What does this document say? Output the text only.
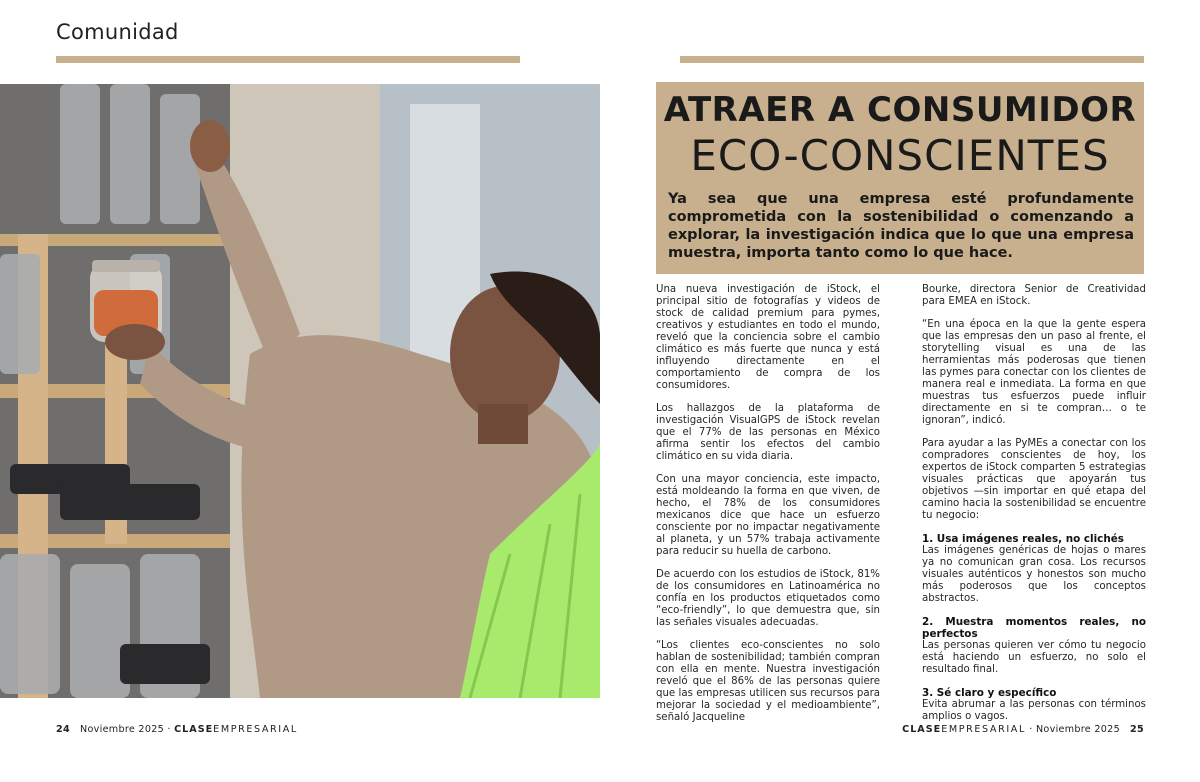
Comunidad
ATRAER A CONSUMIDOR
ECO-CONSCIENTES
Ya sea que una empresa esté profundamente comprometida con la sostenibilidad o comenzando a explorar, la investigación indica que lo que una empresa muestra, importa tanto como lo que hace.

Una nueva investigación de iStock, el principal sitio de fotografías y videos de stock de calidad premium para pymes, creativos y estudiantes en todo el mundo, reveló que la conciencia sobre el cambio climático es más fuerte que nunca y está influyendo directamente en el comportamiento de compra de los consumidores.

Los hallazgos de la plataforma de investigación VisualGPS de iStock revelan que el 77% de las personas en México afirma sentir los efectos del cambio climático en su vida diaria.

Con una mayor conciencia, este impacto, está moldeando la forma en que viven, de hecho, el 78% de los consumidores mexicanos dice que hace un esfuerzo consciente por no impactar negativamente al planeta, y un 57% trabaja activamente para reducir su huella de carbono.

De acuerdo con los estudios de iStock, 81% de los consumidores en Latinoamérica no confía en los productos etiquetados como “eco-friendly”, lo que demuestra que, sin las señales visuales adecuadas.

“Los clientes eco-conscientes no solo hablan de sostenibilidad; también compran con ella en mente. Nuestra investigación reveló que el 86% de las personas quiere que las empresas utilicen sus recursos para mejorar la sociedad y el medioambiente”, señaló Jacqueline

Bourke, directora Senior de Creatividad para EMEA en iStock.

“En una época en la que la gente espera que las empresas den un paso al frente, el storytelling visual es una de las herramientas más poderosas que tienen las pymes para conectar con los clientes de manera real e inmediata. La forma en que muestras tus esfuerzos puede influir directamente en si te compran… o te ignoran”, indicó.

Para ayudar a las PyMEs a conectar con los compradores conscientes de hoy, los expertos de iStock comparten 5 estrategias visuales prácticas que apoyarán tus objetivos —sin importar en qué etapa del camino hacia la sostenibilidad se encuentre tu negocio:

1. Usa imágenes reales, no clichés

Las imágenes genéricas de hojas o mares ya no comunican gran cosa. Los recursos visuales auténticos y honestos son mucho más poderosos que los conceptos abstractos.

2. Muestra momentos reales, no perfectos

Las personas quieren ver cómo tu negocio está haciendo un esfuerzo, no solo el resultado final.

3. Sé claro y específico

Evita abrumar a las personas con términos amplios o vagos.

24 Noviembre 2025 · CLASEEMPRESARIAL	CLASEEMPRESARIAL · Noviembre 2025 25
